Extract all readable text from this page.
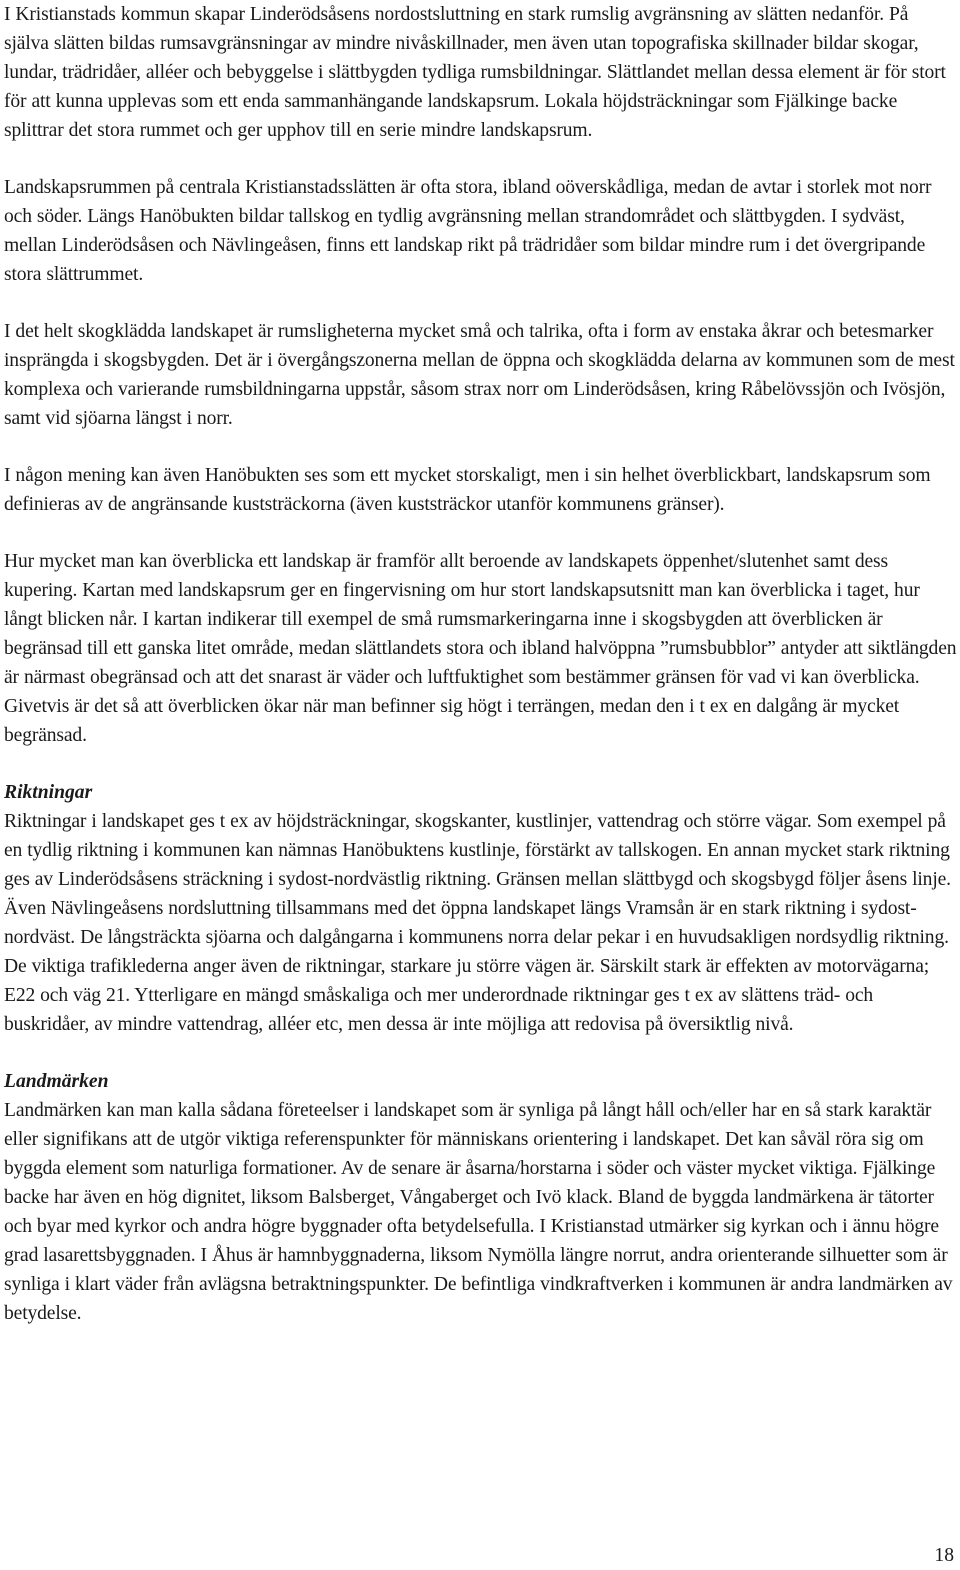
I Kristianstads kommun skapar Linderödsåsens nordostsluttning en stark rumslig avgränsning av slätten nedanför. På själva slätten bildas rumsavgränsningar av mindre nivåskillnader, men även utan topografiska skillnader bildar skogar, lundar, trädridåer, alléer och bebyggelse i slättbygden tydliga rumsbildningar. Slättlandet mellan dessa element är för stort för att kunna upplevas som ett enda sammanhängande landskapsrum. Lokala höjdsträckningar som Fjälkinge backe splittrar det stora rummet och ger upphov till en serie mindre landskapsrum.

Landskapsrummen på centrala Kristianstadsslätten är ofta stora, ibland oöverskådliga, medan de avtar i storlek mot norr och söder. Längs Hanöbukten bildar tallskog en tydlig avgränsning mellan strandområdet och slättbygden. I sydväst, mellan Linderödsåsen och Nävlingeåsen, finns ett landskap rikt på trädridåer som bildar mindre rum i det övergripande stora slättrummet.

I det helt skogklädda landskapet är rumsligheterna mycket små och talrika, ofta i form av enstaka åkrar och betesmarker insprängda i skogsbygden. Det är i övergångszonerna mellan de öppna och skogklädda delarna av kommunen som de mest komplexa och varierande rumsbildningarna uppstår, såsom strax norr om Linderödsåsen, kring Råbelövssjön och Ivösjön, samt vid sjöarna längst i norr.

I någon mening kan även Hanöbukten ses som ett mycket storskaligt, men i sin helhet överblickbart, landskapsrum som definieras av de angränsande kuststräckorna (även kuststräckor utanför kommunens gränser).

Hur mycket man kan överblicka ett landskap är framför allt beroende av landskapets öppenhet/slutenhet samt dess kupering. Kartan med landskapsrum ger en fingervisning om hur stort landskapsutsnitt man kan överblicka i taget, hur långt blicken når. I kartan indikerar till exempel de små rumsmarkeringarna inne i skogsbygden att överblicken är begränsad till ett ganska litet område, medan slättlandets stora och ibland halvöppna ”rumsbubblor” antyder att siktlängden är närmast obegränsad och att det snarast är väder och luftfuktighet som bestämmer gränsen för vad vi kan överblicka. Givetvis är det så att överblicken ökar när man befinner sig högt i terrängen, medan den i t ex en dalgång är mycket begränsad.

Riktningar

Riktningar i landskapet ges t ex av höjdsträckningar, skogskanter, kustlinjer, vattendrag och större vägar. Som exempel på en tydlig riktning i kommunen kan nämnas Hanöbuktens kustlinje, förstärkt av tallskogen. En annan mycket stark riktning ges av Linderödsåsens sträckning i sydost-nordvästlig riktning. Gränsen mellan slättbygd och skogsbygd följer åsens linje. Även Nävlingeåsens nordsluttning tillsammans med det öppna landskapet längs Vramsån är en stark riktning i sydost-nordväst. De långsträckta sjöarna och dalgångarna i kommunens norra delar pekar i en huvudsakligen nordsydlig riktning. De viktiga trafiklederna anger även de riktningar, starkare ju större vägen är. Särskilt stark är effekten av motorvägarna; E22 och väg 21. Ytterligare en mängd småskaliga och mer underordnade riktningar ges t ex av slättens träd- och buskridåer, av mindre vattendrag, alléer etc, men dessa är inte möjliga att redovisa på översiktlig nivå.

Landmärken

Landmärken kan man kalla sådana företeelser i landskapet som är synliga på långt håll och/eller har en så stark karaktär eller signifikans att de utgör viktiga referenspunkter för människans orientering i landskapet. Det kan såväl röra sig om byggda element som naturliga formationer. Av de senare är åsarna/horstarna i söder och väster mycket viktiga. Fjälkinge backe har även en hög dignitet, liksom Balsberget, Vångaberget och Ivö klack. Bland de byggda landmärkena är tätorter och byar med kyrkor och andra högre byggnader ofta betydelsefulla. I Kristianstad utmärker sig kyrkan och i ännu högre grad lasarettsbyggnaden. I Åhus är hamnbyggnaderna, liksom Nymölla längre norrut, andra orienterande silhuetter som är synliga i klart väder från avlägsna betraktningspunkter. De befintliga vindkraftverken i kommunen är andra landmärken av betydelse.

18
